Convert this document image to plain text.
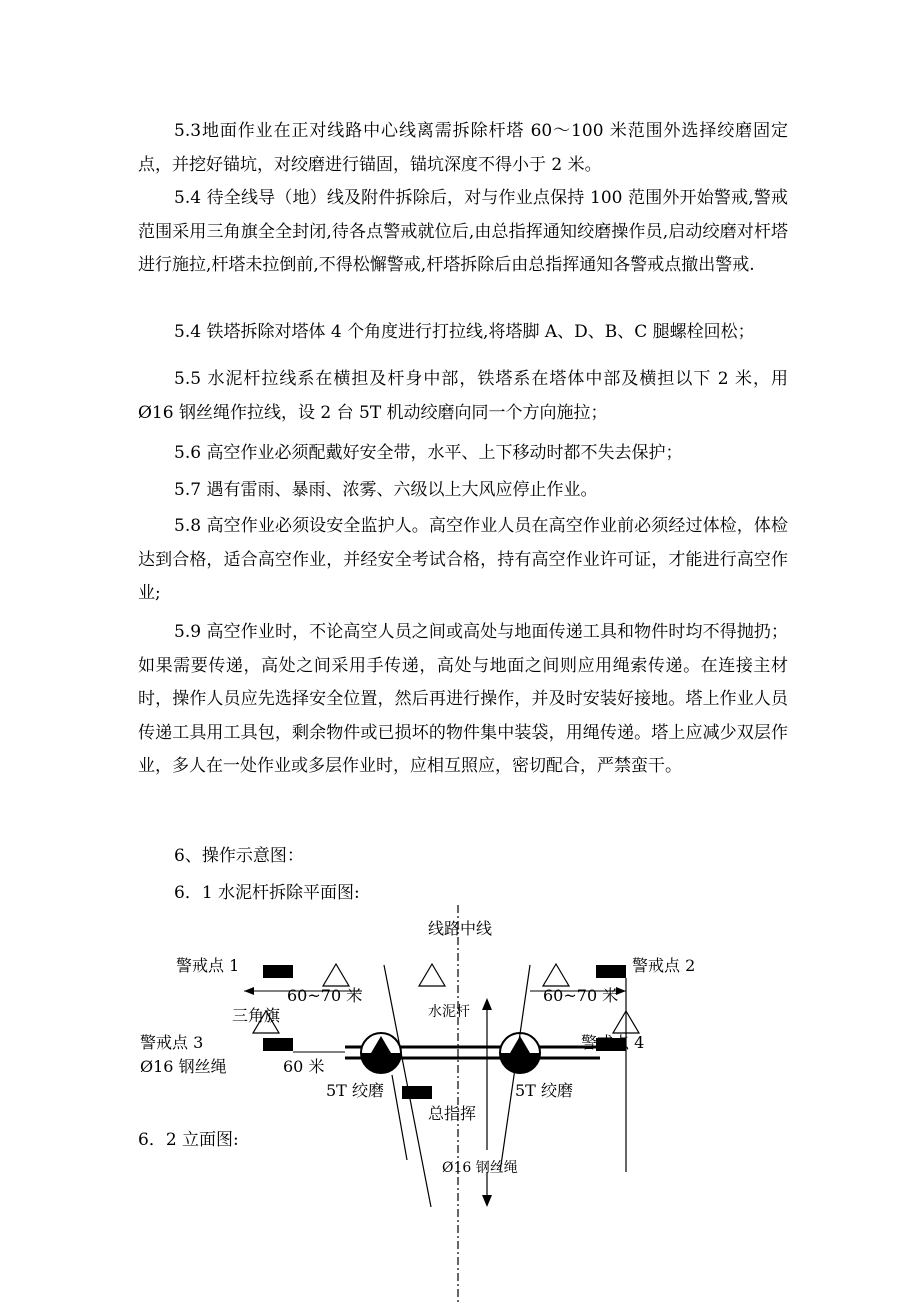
5.3地面作业在正对线路中心线离需拆除杆塔 60～100 米范围外选择绞磨固定点，并挖好锚坑，对绞磨进行锚固，锚坑深度不得小于 2 米。

5.4 待全线导（地）线及附件拆除后，对与作业点保持 100 范围外开始警戒,警戒范围采用三角旗全全封闭,待各点警戒就位后,由总指挥通知绞磨操作员,启动绞磨对杆塔进行施拉,杆塔未拉倒前,不得松懈警戒,杆塔拆除后由总指挥通知各警戒点撤出警戒.

5.4 铁塔拆除对塔体 4 个角度进行打拉线,将塔脚 A、D、B、C 腿螺栓回松；

5.5 水泥杆拉线系在横担及杆身中部，铁塔系在塔体中部及横担以下 2 米，用 Ø16 钢丝绳作拉线，设 2 台 5T 机动绞磨向同一个方向施拉；

5.6 高空作业必须配戴好安全带，水平、上下移动时都不失去保护；

5.7 遇有雷雨、暴雨、浓雾、六级以上大风应停止作业。

5.8 高空作业必须设安全监护人。高空作业人员在高空作业前必须经过体检，体检达到合格，适合高空作业，并经安全考试合格，持有高空作业许可证，才能进行高空作业;

5.9 高空作业时，不论高空人员之间或高处与地面传递工具和物件时均不得抛扔；如果需要传递，高处之间采用手传递，高处与地面之间则应用绳索传递。在连接主材时，操作人员应先选择安全位置，然后再进行操作，并及时安装好接地。塔上作业人员传递工具用工具包，剩余物件或已损坏的物件集中装袋，用绳传递。塔上应减少双层作业，多人在一处作业或多层作业时，应相互照应，密切配合，严禁蛮干。

6、操作示意图：

6．1 水泥杆拆除平面图:

6．2 立面图:

线路中线
警戒点 1	警戒点 2
60~70 米	60~70 米
三角旗	水泥杆
警戒点 3	警戒点 4
Ø16 钢丝绳	60 米
5T 绞磨	5T 绞磨
总指挥
Ø16 钢丝绳
